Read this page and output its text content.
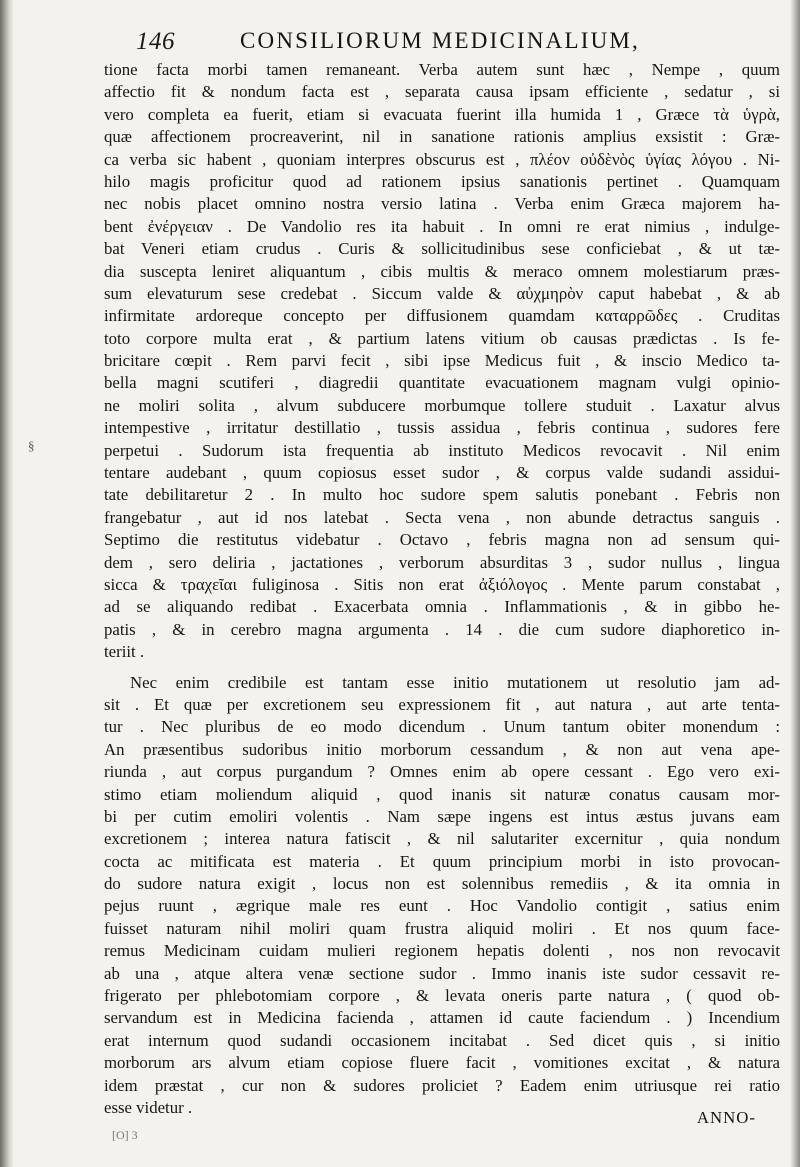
146	CONSILIORUM MEDICINALIUM,
§
tione facta morbi tamen remaneant. Verba autem sunt hæc , Nempe , quum
affectio fit & nondum facta est , separata causa ipsam efficiente , sedatur , si
vero completa ea fuerit, etiam si evacuata fuerint illa humida 1 , Græce τὰ ὑγρὰ,
quæ affectionem procreaverint, nil in sanatione rationis amplius exsistit : Græ-
ca verba sic habent , quoniam interpres obscurus est , πλέον οὐδὲνὸς ὑγίας λόγου . Ni-
hilo magis proficitur quod ad rationem ipsius sanationis pertinet . Quamquam
nec nobis placet omnino nostra versio latina . Verba enim Græca majorem ha-
bent ἐνέργειαν . De Vandolio res ita habuit . In omni re erat nimius , indulge-
bat Veneri etiam crudus . Curis & sollicitudinibus sese conficiebat , & ut tæ-
dia suscepta leniret aliquantum , cibis multis & meraco omnem molestiarum præs-
sum elevaturum sese credebat . Siccum valde & αὐχμηρὸν caput habebat , & ab
infirmitate ardoreque concepto per diffusionem quamdam καταρρῶδες . Cruditas
toto corpore multa erat , & partium latens vitium ob causas prædictas . Is fe-
bricitare cœpit . Rem parvi fecit , sibi ipse Medicus fuit , & inscio Medico ta-
bella magni scutiferi , diagredii quantitate evacuationem magnam vulgi opinio-
ne moliri solita , alvum subducere morbumque tollere studuit . Laxatur alvus
intempestive , irritatur destillatio , tussis assidua , febris continua , sudores fere
perpetui . Sudorum ista frequentia ab instituto Medicos revocavit . Nil enim
tentare audebant , quum copiosus esset sudor , & corpus valde sudandi assidui-
tate debilitaretur 2 . In multo hoc sudore spem salutis ponebant . Febris non
frangebatur , aut id nos latebat . Secta vena , non abunde detractus sanguis .
Septimo die restitutus videbatur . Octavo , febris magna non ad sensum qui-
dem , sero deliria , jactationes , verborum absurditas 3 , sudor nullus , lingua
sicca & τραχεῖαι fuliginosa . Sitis non erat ἀξιόλογος . Mente parum constabat ,
ad se aliquando redibat . Exacerbata omnia . Inflammationis , & in gibbo he-
patis , & in cerebro magna argumenta . 14 . die cum sudore diaphoretico in-
teriit .
Nec enim credibile est tantam esse initio mutationem ut resolutio jam ad-
sit . Et quæ per excretionem seu expressionem fit , aut natura , aut arte tenta-
tur . Nec pluribus de eo modo dicendum . Unum tantum obiter monendum :
An præsentibus sudoribus initio morborum cessandum , & non aut vena ape-
riunda , aut corpus purgandum ? Omnes enim ab opere cessant . Ego vero exi-
stimo etiam moliendum aliquid , quod inanis sit naturæ conatus causam mor-
bi per cutim emoliri volentis . Nam sæpe ingens est intus æstus juvans eam
excretionem ; interea natura fatiscit , & nil salutariter excernitur , quia nondum
cocta ac mitificata est materia . Et quum principium morbi in isto provocan-
do sudore natura exigit , locus non est solennibus remediis , & ita omnia in
pejus ruunt , ægrique male res eunt . Hoc Vandolio contigit , satius enim
fuisset naturam nihil moliri quam frustra aliquid moliri . Et nos quum face-
remus Medicinam cuidam mulieri regionem hepatis dolenti , nos non revocavit
ab una , atque altera venæ sectione sudor . Immo inanis iste sudor cessavit re-
frigerato per phlebotomiam corpore , & levata oneris parte natura , ( quod ob-
servandum est in Medicina facienda , attamen id caute faciendum . ) Incendium
erat internum quod sudandi occasionem incitabat . Sed dicet quis , si initio
morborum ars alvum etiam copiose fluere facit , vomitiones excitat , & natura
idem præstat , cur non & sudores proliciet ? Eadem enim utriusque rei ratio
esse videtur .
ANNO-
[O] 3
